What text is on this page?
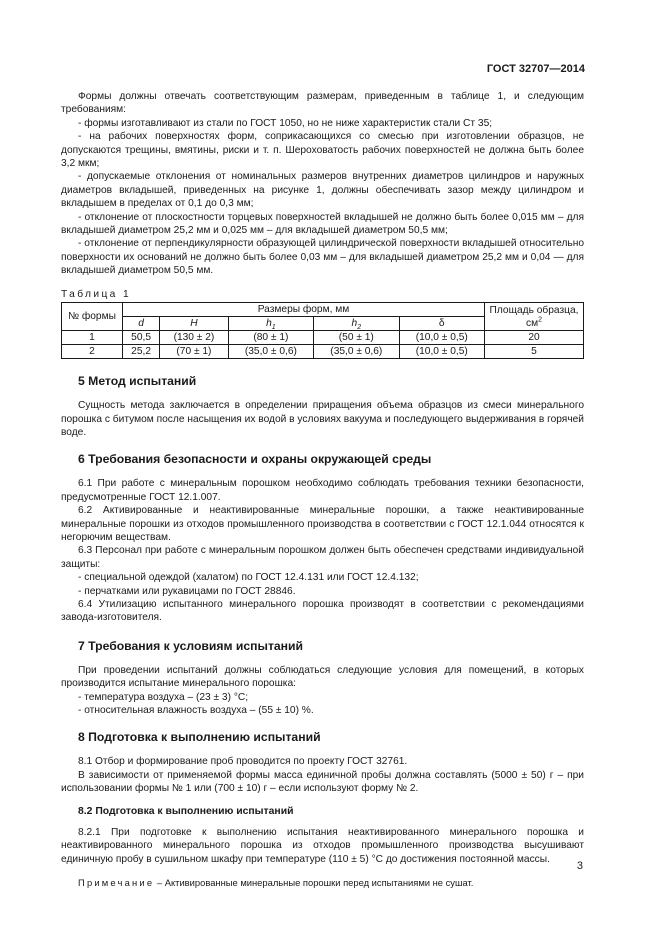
ГОСТ 32707—2014

Формы должны отвечать соответствующим размерам, приведенным в таблице 1, и следующим требованиям:

- формы изготавливают из стали по ГОСТ 1050, но не ниже характеристик стали Ст 35;

- на рабочих поверхностях форм, соприкасающихся со смесью при изготовлении образцов, не допускаются трещины, вмятины, риски и т. п. Шероховатость рабочих поверхностей не должна быть более 3,2 мкм;

- допускаемые отклонения от номинальных размеров внутренних диаметров цилиндров и наружных диаметров вкладышей, приведенных на рисунке 1, должны обеспечивать зазор между цилиндром и вкладышем в пределах от 0,1 до 0,3 мм;

- отклонение от плоскостности торцевых поверхностей вкладышей не должно быть более 0,015 мм – для вкладышей диаметром 25,2 мм и 0,025 мм – для вкладышей диаметром 50,5 мм;

- отклонение от перпендикулярности образующей цилиндрической поверхности вкладышей относительно поверхности их оснований не должно быть более 0,03 мм – для вкладышей диаметром 25,2 мм и 0,04 — для вкладышей диаметром 50,5 мм.

Таблица 1
№ формы	Размеры форм, мм					Площадь образца, $см^2$
	d	H	$h_1$	$h_2$	δ	
1	50,5	(130 ± 2)	(80 ± 1)	(50 ± 1)	(10,0 ± 0,5)	20
2	25,2	(70 ± 1)	(35,0 ± 0,6)	(35,0 ± 0,6)	(10,0 ± 0,5)	5
5 Метод испытаний

Сущность метода заключается в определении приращения объема образцов из смеси минерального порошка с битумом после насыщения их водой в условиях вакуума и последующего выдерживания в горячей воде.

6 Требования безопасности и охраны окружающей среды

6.1 При работе с минеральным порошком необходимо соблюдать требования техники безопасности, предусмотренные ГОСТ 12.1.007.

6.2 Активированные и неактивированные минеральные порошки, а также неактивированные минеральные порошки из отходов промышленного производства в соответствии с ГОСТ 12.1.044 относятся к негорючим веществам.

6.3 Персонал при работе с минеральным порошком должен быть обеспечен средствами индивидуальной защиты:

- специальной одеждой (халатом) по ГОСТ 12.4.131 или ГОСТ 12.4.132;

- перчатками или рукавицами по ГОСТ 28846.

6.4 Утилизацию испытанного минерального порошка производят в соответствии с рекомендациями завода-изготовителя.

7 Требования к условиям испытаний

При проведении испытаний должны соблюдаться следующие условия для помещений, в которых производится испытание минерального порошка:

- температура воздуха – (23 ± 3) °С;

- относительная влажность воздуха – (55 ± 10) %.

8 Подготовка к выполнению испытаний

8.1 Отбор и формирование проб проводится по проекту ГОСТ 32761.

В зависимости от применяемой формы масса единичной пробы должна составлять (5000 ± 50) г – при использовании формы № 1 или (700 ± 10) г – если используют форму № 2.

8.2 Подготовка к выполнению испытаний

8.2.1 При подготовке к выполнению испытания неактивированного минерального порошка и неактивированного минерального порошка из отходов промышленного производства высушивают единичную пробу в сушильном шкафу при температуре (110 ± 5) °С до достижения постоянной массы.

Примечание – Активированные минеральные порошки перед испытаниями не сушат.

3
